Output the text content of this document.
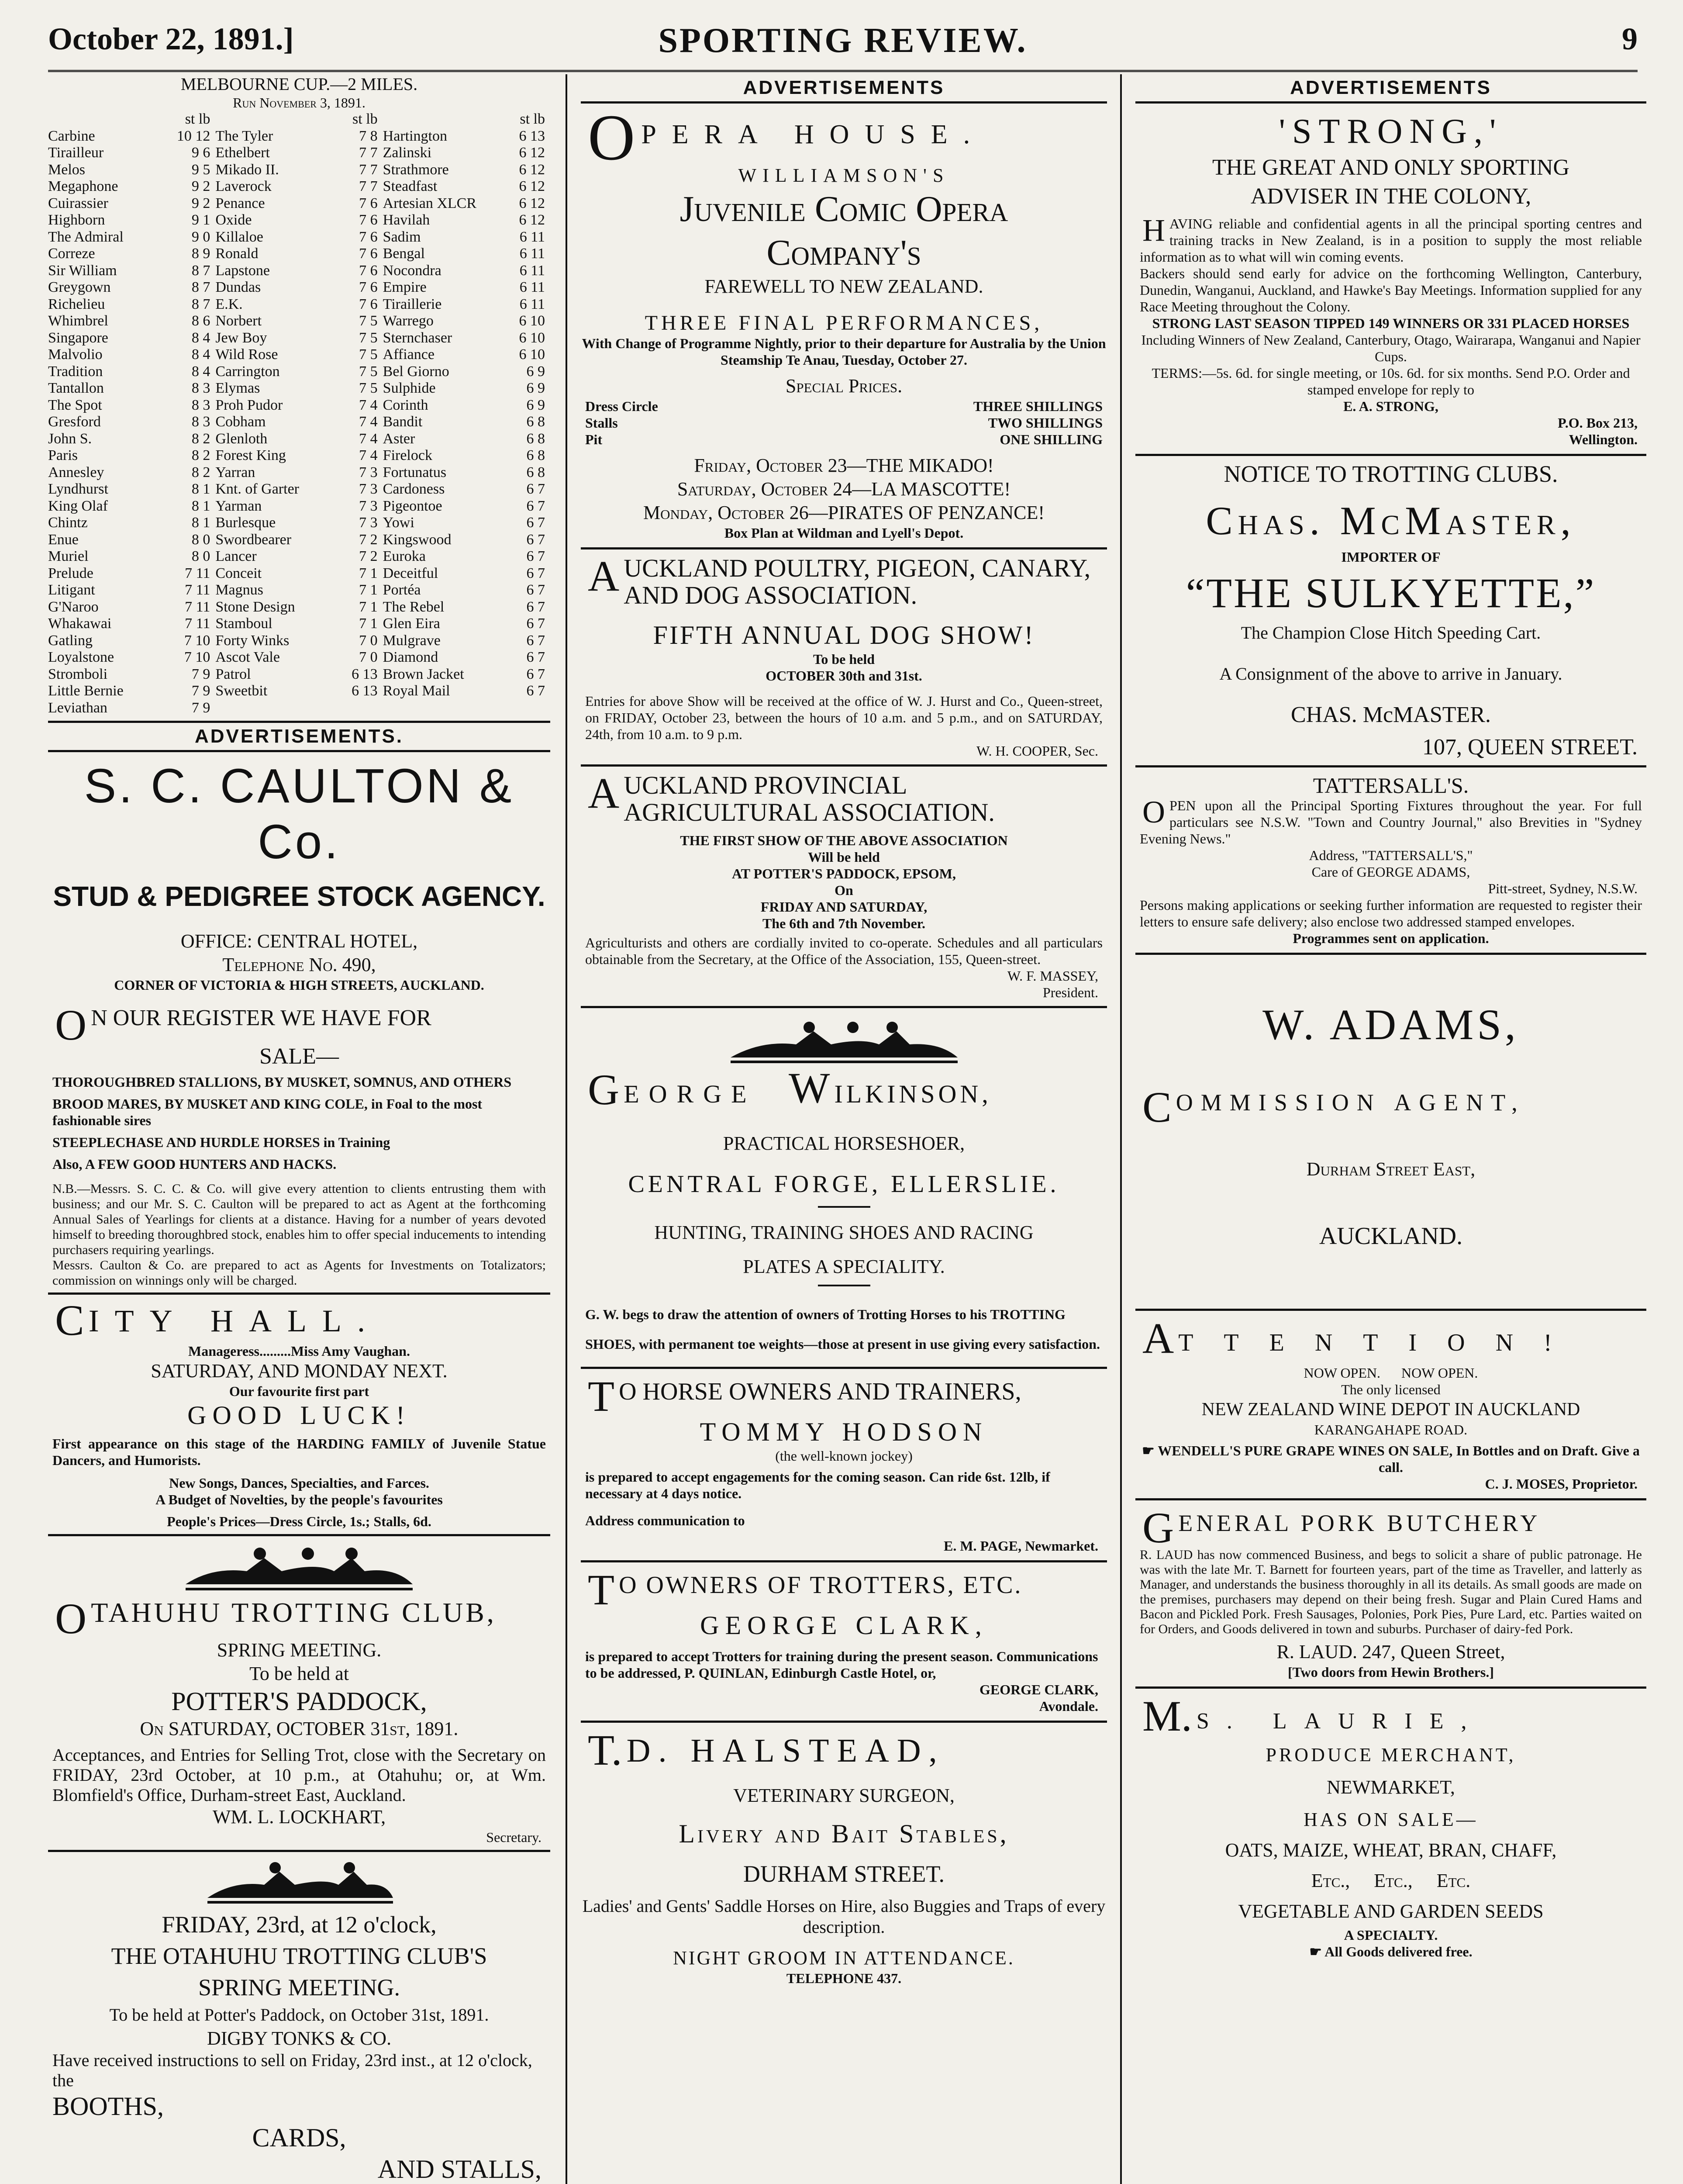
October 22, 1891.]	SPORTING REVIEW.	9
MELBOURNE CUP.—2 MILES.
Run November 3, 1891.
st lb	st lb	st lb
Carbine	10 12 The Tyler	7 8 Hartington	6 13
Tirailleur	9 6 Ethelbert	7 7 Zalinski	6 12
Melos	9 5 Mikado II.	7 7 Strathmore	6 12
Megaphone	9 2 Laverock	7 7 Steadfast	6 12
Cuirassier	9 2 Penance	7 6 Artesian XLCR	6 12
Highborn	9 1 Oxide	7 6 Havilah	6 12
The Admiral	9 0 Killaloe	7 6 Sadim	6 11
Correze	8 9 Ronald	7 6 Bengal	6 11
Sir William	8 7 Lapstone	7 6 Nocondra	6 11
Greygown	8 7 Dundas	7 6 Empire	6 11
Richelieu	8 7 E.K.	7 6 Tiraillerie	6 11
Whimbrel	8 6 Norbert	7 5 Warrego	6 10
Singapore	8 4 Jew Boy	7 5 Sternchaser	6 10
Malvolio	8 4 Wild Rose	7 5 Affiance	6 10
Tradition	8 4 Carrington	7 5 Bel Giorno	6 9
Tantallon	8 3 Elymas	7 5 Sulphide	6 9
The Spot	8 3 Proh Pudor	7 4 Corinth	6 9
Gresford	8 3 Cobham	7 4 Bandit	6 8
John S.	8 2 Glenloth	7 4 Aster	6 8
Paris	8 2 Forest King	7 4 Firelock	6 8
Annesley	8 2 Yarran	7 3 Fortunatus	6 8
Lyndhurst	8 1 Knt. of Garter	7 3 Cardoness	6 7
King Olaf	8 1 Yarman	7 3 Pigeontoe	6 7
Chintz	8 1 Burlesque	7 3 Yowi	6 7
Enue	8 0 Swordbearer	7 2 Kingswood	6 7
Muriel	8 0 Lancer	7 2 Euroka	6 7
Prelude	7 11 Conceit	7 1 Deceitful	6 7
Litigant	7 11 Magnus	7 1 Portéa	6 7
G'Naroo	7 11 Stone Design	7 1 The Rebel	6 7
Whakawai	7 11 Stamboul	7 1 Glen Eira	6 7
Gatling	7 10 Forty Winks	7 0 Mulgrave	6 7
Loyalstone	7 10 Ascot Vale	7 0 Diamond	6 7
Stromboli	7 9 Patrol	6 13 Brown Jacket	6 7
Little Bernie	7 9 Sweetbit	6 13 Royal Mail	6 7
Leviathan	7 9
ADVERTISEMENTS.
S. C. CAULTON & Co.
STUD & PEDIGREE STOCK AGENCY.
OFFICE: CENTRAL HOTEL,
Telephone No. 490,
CORNER OF VICTORIA & HIGH STREETS, AUCKLAND.
O N OUR REGISTER WE HAVE FOR
SALE—
THOROUGHBRED STALLIONS, BY MUSKET, SOMNUS, AND OTHERS
BROOD MARES, BY MUSKET AND KING COLE, in Foal to the most fashionable sires
STEEPLECHASE AND HURDLE HORSES in Training
Also, A FEW GOOD HUNTERS AND HACKS.
N.B.—Messrs. S. C. C. & Co. will give every attention to clients entrusting them with business; and our Mr. S. C. Caulton will be prepared to act as Agent at the forthcoming Annual Sales of Yearlings for clients at a distance. Having for a number of years devoted himself to breeding thoroughbred stock, enables him to offer special inducements to intending purchasers requiring yearlings.
Messrs. Caulton & Co. are prepared to act as Agents for Investments on Totalizators; commission on winnings only will be charged.
C ITY HALL.
Manageress.........Miss Amy Vaughan.
SATURDAY, AND MONDAY NEXT.
Our favourite first part
GOOD LUCK!
First appearance on this stage of the HARDING FAMILY of Juvenile Statue Dancers, and Humorists.
New Songs, Dances, Specialties, and Farces.
A Budget of Novelties, by the people's favourites
People's Prices—Dress Circle, 1s.; Stalls, 6d.
O TAHUHU TROTTING CLUB,
SPRING MEETING.
To be held at
POTTER'S PADDOCK,
On SATURDAY, OCTOBER 31st, 1891.
Acceptances, and Entries for Selling Trot, close with the Secretary on FRIDAY, 23rd October, at 10 p.m., at Otahuhu; or, at Wm. Blomfield's Office, Durham-street East, Auckland.
WM. L. LOCKHART,
Secretary.
FRIDAY, 23rd, at 12 o'clock,
THE OTAHUHU TROTTING CLUB'S
SPRING MEETING.
To be held at Potter's Paddock, on October 31st, 1891.
DIGBY TONKS & CO.
Have received instructions to sell on Friday, 23rd inst., at 12 o'clock, the
BOOTHS,
CARDS,
AND STALLS,
ADVERTISEMENTS
O PERA HOUSE.
WILLIAMSON'S
Juvenile Comic Opera
Company's
FAREWELL TO NEW ZEALAND.
THREE FINAL PERFORMANCES,
With Change of Programme Nightly, prior to their departure for Australia by the Union Steamship Te Anau, Tuesday, October 27.
Special Prices.
Dress Circle	THREE SHILLINGS
Stalls	TWO SHILLINGS
Pit	ONE SHILLING
Friday, October 23—THE MIKADO!
Saturday, October 24—LA MASCOTTE!
Monday, October 26—PIRATES OF PENZANCE!
Box Plan at Wildman and Lyell's Depot.
A UCKLAND POULTRY, PIGEON, CANARY, AND DOG ASSOCIATION.
FIFTH ANNUAL DOG SHOW!
To be held
OCTOBER 30th and 31st.
Entries for above Show will be received at the office of W. J. Hurst and Co., Queen-street, on FRIDAY, October 23, between the hours of 10 a.m. and 5 p.m., and on SATURDAY, 24th, from 10 a.m. to 9 p.m.
W. H. COOPER, Sec.
A UCKLAND PROVINCIAL AGRICULTURAL ASSOCIATION.
THE FIRST SHOW OF THE ABOVE ASSOCIATION
Will be held
AT POTTER'S PADDOCK, EPSOM,
On
FRIDAY AND SATURDAY,
The 6th and 7th November.
Agriculturists and others are cordially invited to co-operate. Schedules and all particulars obtainable from the Secretary, at the Office of the Association, 155, Queen-street.
W. F. MASSEY,
President.
G EORGE W ILKINSON,
PRACTICAL HORSESHOER,
CENTRAL FORGE, ELLERSLIE.
HUNTING, TRAINING SHOES AND RACING
PLATES A SPECIALITY.
G. W. begs to draw the attention of owners of Trotting Horses to his TROTTING SHOES, with permanent toe weights—those at present in use giving every satisfaction.
T O HORSE OWNERS AND TRAINERS,
TOMMY HODSON
(the well-known jockey)
is prepared to accept engagements for the coming season. Can ride 6st. 12lb, if necessary at 4 days notice.
Address communication to
E. M. PAGE, Newmarket.
T O OWNERS OF TROTTERS, ETC.
GEORGE CLARK,
is prepared to accept Trotters for training during the present season. Communications to be addressed, P. QUINLAN, Edinburgh Castle Hotel, or,
GEORGE CLARK,
Avondale.
T. D. HALSTEAD,
VETERINARY SURGEON,
Livery and Bait Stables,
DURHAM STREET.
Ladies' and Gents' Saddle Horses on Hire, also Buggies and Traps of every description.
NIGHT GROOM IN ATTENDANCE.
TELEPHONE 437.
ADVERTISEMENTS
'STRONG,'
THE GREAT AND ONLY SPORTING
ADVISER IN THE COLONY,
H AVING reliable and confidential agents in all the principal sporting centres and training tracks in New Zealand, is in a position to supply the most reliable information as to what will win coming events.
Backers should send early for advice on the forthcoming Wellington, Canterbury, Dunedin, Wanganui, Auckland, and Hawke's Bay Meetings. Information supplied for any Race Meeting throughout the Colony.
STRONG LAST SEASON TIPPED 149 WINNERS OR 331 PLACED HORSES
Including Winners of New Zealand, Canterbury, Otago, Wairarapa, Wanganui and Napier Cups.
TERMS:—5s. 6d. for single meeting, or 10s. 6d. for six months. Send P.O. Order and stamped envelope for reply to
E. A. STRONG,
P.O. Box 213,
Wellington.
NOTICE TO TROTTING CLUBS.
Chas. McMaster,
IMPORTER OF
“THE SULKYETTE,”
The Champion Close Hitch Speeding Cart.
A Consignment of the above to arrive in January.
CHAS. McMASTER.
107, QUEEN STREET.
TATTERSALL'S.
O PEN upon all the Principal Sporting Fixtures throughout the year. For full particulars see N.S.W. "Town and Country Journal," also Brevities in "Sydney Evening News."
Address, "TATTERSALL'S,"
Care of GEORGE ADAMS,
Pitt-street, Sydney, N.S.W.
Persons making applications or seeking further information are requested to register their letters to ensure safe delivery; also enclose two addressed stamped envelopes.
Programmes sent on application.
W. ADAMS,
C OMMISSION AGENT,
Durham Street East,
AUCKLAND.
A TTENTION!
NOW OPEN.      NOW OPEN.
The only licensed
NEW ZEALAND WINE DEPOT IN AUCKLAND
KARANGAHAPE ROAD.
☛ WENDELL'S PURE GRAPE WINES ON SALE, In Bottles and on Draft. Give a call.
C. J. MOSES, Proprietor.
G ENERAL PORK BUTCHERY
R. LAUD has now commenced Business, and begs to solicit a share of public patronage. He was with the late Mr. T. Barnett for fourteen years, part of the time as Traveller, and latterly as Manager, and understands the business thoroughly in all its details. As small goods are made on the premises, purchasers may depend on their being fresh. Sugar and Plain Cured Hams and Bacon and Pickled Pork. Fresh Sausages, Polonies, Pork Pies, Pure Lard, etc. Parties waited on for Orders, and Goods delivered in town and suburbs. Purchaser of dairy-fed Pork.
R. LAUD. 247, Queen Street,
[Two doors from Hewin Brothers.]
M. S. LAURIE,
PRODUCE MERCHANT,
NEWMARKET,
HAS ON SALE—
OATS, MAIZE, WHEAT, BRAN, CHAFF,
Etc.,     Etc.,     Etc.
VEGETABLE AND GARDEN SEEDS
A SPECIALTY.
☛ All Goods delivered free.
